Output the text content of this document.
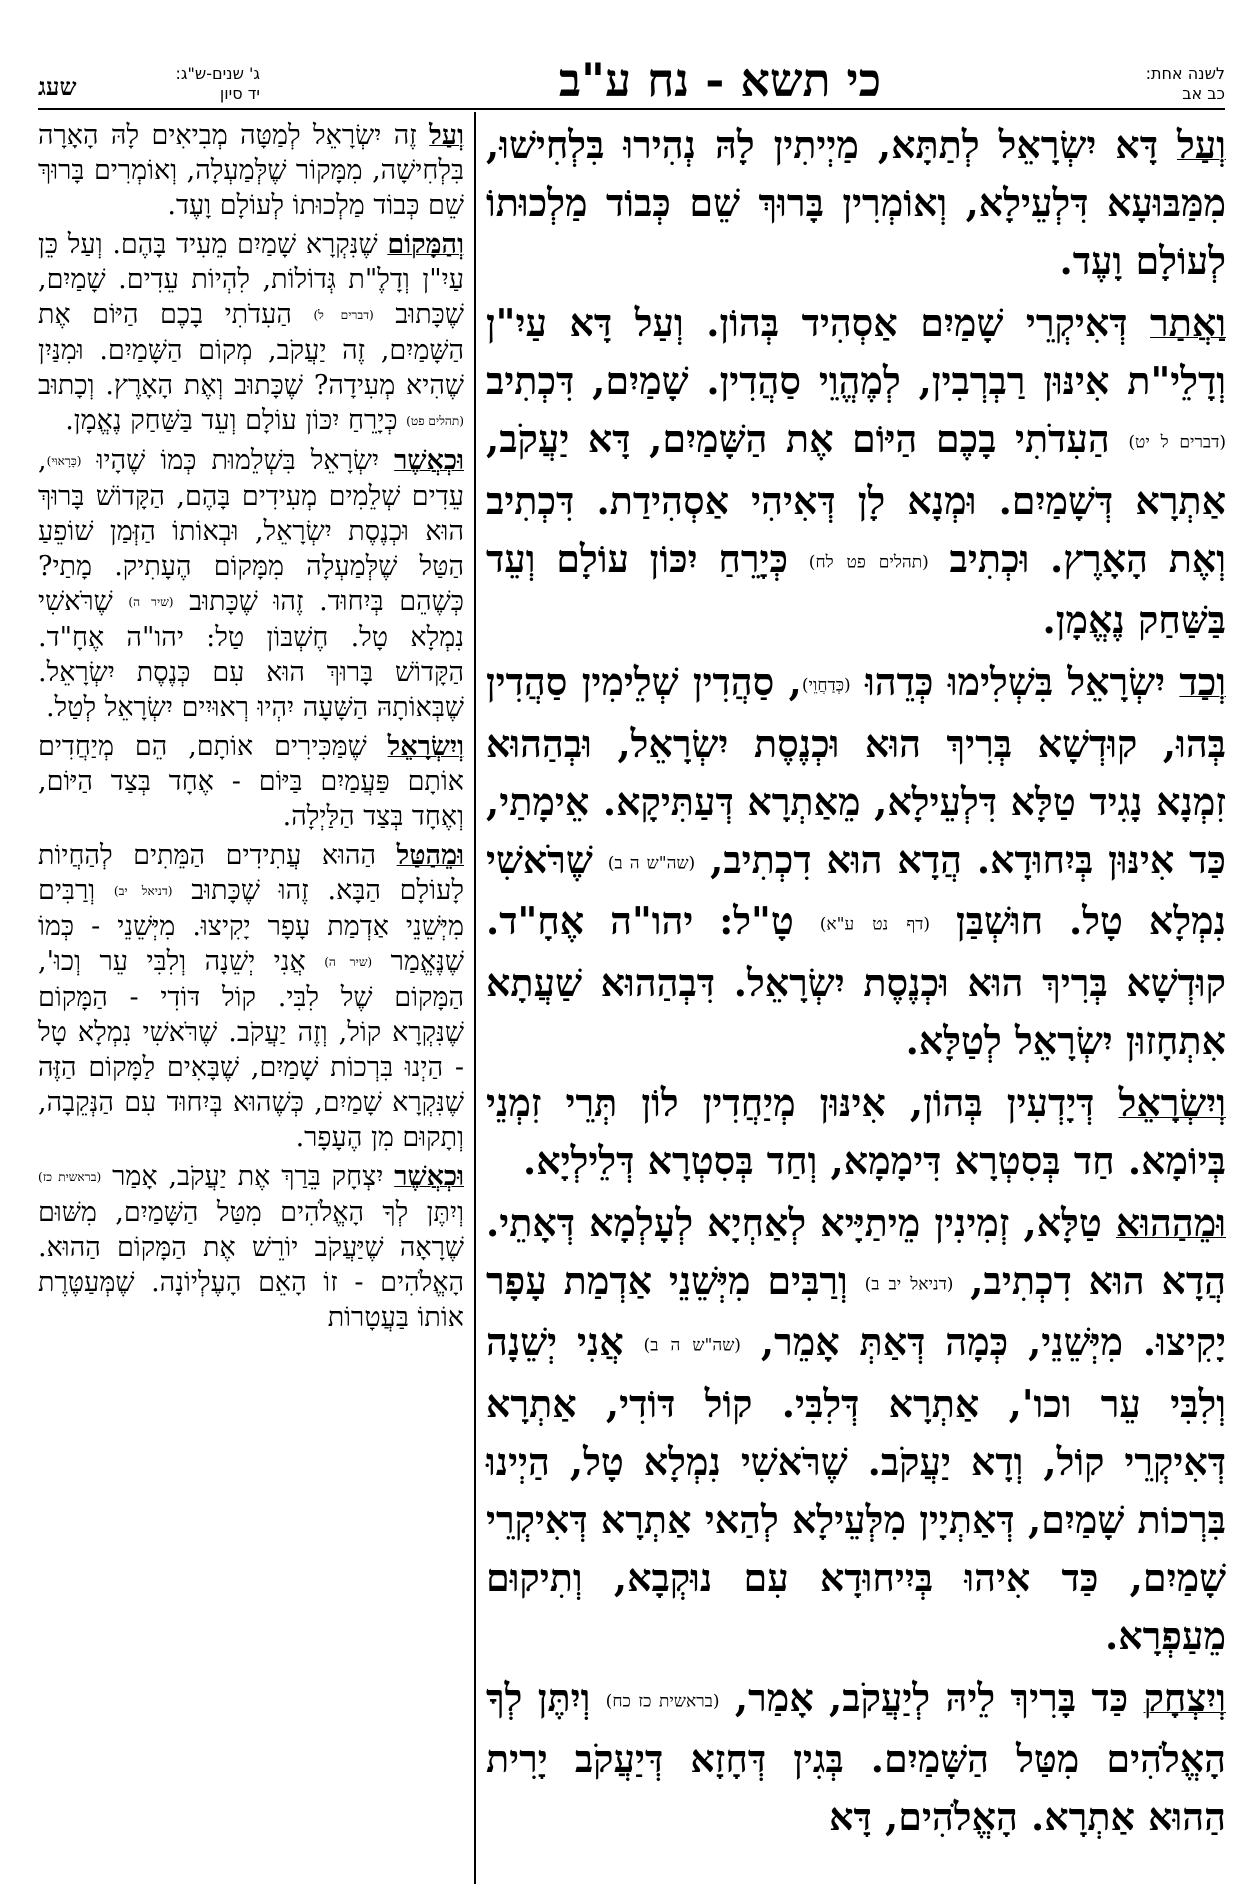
לשנה אחת:
כב אב
כי תשא - נח ע"ב
ג' שנים-ש"ג:
יד סיון
שעג

וְעַל דָּא יִשְׂרָאֵל לְתַתָּא, מַיְיתִין לָהּ נְהִירוּ בִּלְחִישׁוּ, מִמַּבּוּעָא דִּלְעֵילָא, וְאוֹמְרִין בָּרוּךְ שֵׁם כְּבוֹד מַלְכוּתוֹ לְעוֹלָם וָעֶד.

וַאֲתַר דְּאִיקְרֵי שָׁמַיִם אַסְהִיד בְּהוֹן. וְעַל דָּא עַיִ"ן וְדָלֵי"ת אִינּוּן רַבְרְבִין, לְמֶהֱוֵי סַהֲדִין. שָׁמַיִם, דִּכְתִיב (דברים ל יט) הַעִדֹתִי בָכֶם הַיּוֹם אֶת הַשָּׁמַיִם, דָּא יַעֲקֹב, אַתְרָא דְּשָׁמַיִם. וּמְנָא לָן דְּאִיהִי אַסְהִידַת. דִּכְתִיב וְאֶת הָאָרֶץ. וּכְתִיב (תהלים פט לח) כְּיָרֵחַ יִכּוֹן עוֹלָם וְעֵד בַּשַּׁחַק נֶאֱמָן.

וְכַד יִשְׂרָאֵל בִּשְׁלִימוּ כְּדֵהוּ (כְּדַחֲוֵי), סַהֲדִין שְׁלֵימִין סַהֲדִין בְּהוּ, קוּדְשָׁא בְּרִיךְ הוּא וּכְנֶסֶת יִשְׂרָאֵל, וּבְהַהוּא זִמְנָא נָגִיד טַלָּא דִּלְעֵילָא, מֵאַתְרָא דְּעַתִּיקָא. אֵימָתַי, כַּד אִינּוּן בְּיִחוּדָא. הֲדָא הוּא דִכְתִיב, (שה"ש ה ב) שֶׁרֹּאשִׁי נִמְלָא טָל. חוּשְׁבַּן (דף נט ע"א) טָ"ל: יהו"ה אֶחָ"ד. קוּדְשָׁא בְּרִיךְ הוּא וּכְנֶסֶת יִשְׂרָאֵל. דִּבְהַהוּא שַׁעֲתָא אִתְחָזוּן יִשְׂרָאֵל לְטַלָּא.

וְיִשְׂרָאֵל דְּיָדְעִין בְּהוֹן, אִינּוּן מְיַחֲדִין לוֹן תְּרֵי זִמְנֵי בְּיוֹמָא. חַד בְּסִטְרָא דִּימָמָא, וְחַד בְּסִטְרָא דְּלֵילְיָא.

וּמֵהַהוּא טַלָּא, זְמִינִין מֵיתַיָּיא לְאַחְיָא לְעָלְמָא דְּאָתֵי. הֲדָא הוּא דִכְתִיב, (דניאל יב ב) וְרַבִּים מִיְּשֵׁנֵי אַדְמַת עָפָר יָקִיצוּ. מִיְּשֵׁנֵי, כְּמָה דְּאַתְּ אָמֵר, (שה"ש ה ב) אֲנִי יְשֵׁנָה וְלִבִּי עֵר וכו', אַתְרָא דְּלִבִּי. קוֹל דּוֹדִי, אַתְרָא דְּאִיקְרֵי קוֹל, וְדָא יַעֲקֹב. שֶׁרֹּאשִׁי נִמְלָא טָל, הַיְינוּ בִּרְכוֹת שָׁמַיִם, דְּאַתְיָין מִלְּעֵילָא לְהַאי אַתְרָא דְּאִיקְרֵי שָׁמַיִם, כַּד אִיהוּ בְּיִיחוּדָא עִם נוּקְבָא, וְתִיקוּם מֵעַפְרָא.

וְיִצְחָק כַּד בָּרִיךְ לֵיהּ לְיַעֲקֹב, אָמַר, (בראשית כז כח) וְיִתֶּן לְךָ הָאֱלֹהִים מִטַּל הַשָּׁמַיִם. בְּגִין דְּחָזָא דְּיַעֲקֹב יָרִית הַהוּא אַתְרָא. הָאֱלֹהִים, דָּא

וְעַל זֶה יִשְׂרָאֵל לְמַטָּה מְבִיאִים לָהּ הָאָרָה בִּלְחִישָׁה, מִמָּקוֹר שֶׁלְּמַעְלָה, וְאוֹמְרִים בָּרוּךְ שֵׁם כְּבוֹד מַלְכוּתוֹ לְעוֹלָם וָעֶד.

וְהַמָּקוֹם שֶׁנִּקְרָא שָׁמַיִם מֵעִיד בָּהֶם. וְעַל כֵּן עַיִ"ן וְדָלֶ"ת גְּדוֹלוֹת, לִהְיוֹת עֵדִים. שָׁמַיִם, שֶׁכָּתוּב (דברים ל) הַעִדֹתִי בָכֶם הַיּוֹם אֶת הַשָּׁמַיִם, זֶה יַעֲקֹב, מְקוֹם הַשָּׁמַיִם. וּמִנַּיִן שֶׁהִיא מְעִידָה? שֶׁכָּתוּב וְאֶת הָאָרֶץ. וְכָתוּב (תהלים פט) כְּיָרֵחַ יִכּוֹן עוֹלָם וְעֵד בַּשַּׁחַק נֶאֱמָן.

וּכְאֲשֶׁר יִשְׂרָאֵל בִּשְׁלֵמוּת כְּמוֹ שֶׁהָיוּ (כָּרָאוּי), עֵדִים שְׁלֵמִים מְעִידִים בָּהֶם, הַקָּדוֹשׁ בָּרוּךְ הוּא וּכְנֶסֶת יִשְׂרָאֵל, וּבְאוֹתוֹ הַזְּמַן שׁוֹפֵעַ הַטַּל שֶׁלְּמַעְלָה מִמָּקוֹם הֶעָתִיק. מָתַי? כְּשֶׁהֵם בְּיִחוּד. זֶהוּ שֶׁכָּתוּב (שיר ה) שֶׁרֹּאשִׁי נִמְלָא טָל. חֶשְׁבּוֹן טַל: יהו"ה אֶחָ"ד. הַקָּדוֹשׁ בָּרוּךְ הוּא עִם כְּנֶסֶת יִשְׂרָאֵל. שֶׁבְּאוֹתָהּ הַשָּׁעָה יִהְיוּ רְאוּיִים יִשְׂרָאֵל לְטַל.

וְיִשְׂרָאֵל שֶׁמַּכִּירִים אוֹתָם, הֵם מְיַחֲדִים אוֹתָם פַּעֲמַיִם בַּיּוֹם - אֶחָד בְּצַד הַיּוֹם, וְאֶחָד בְּצַד הַלַּיְלָה.

וּמֵהַטַּל הַהוּא עֲתִידִים הַמֵּתִים לְהַחֲיוֹת לָעוֹלָם הַבָּא. זֶהוּ שֶׁכָּתוּב (דניאל יב) וְרַבִּים מִיְּשֵׁנֵי אַדְמַת עָפָר יָקִיצוּ. מִיְּשֵׁנֵי - כְּמוֹ שֶׁנֶּאֱמַר (שיר ה) אֲנִי יְשֵׁנָה וְלִבִּי עֵר וְכוּ', הַמָּקוֹם שֶׁל לִבִּי. קוֹל דּוֹדִי - הַמָּקוֹם שֶׁנִּקְרָא קוֹל, וְזֶה יַעֲקֹב. שֶׁרֹּאשִׁי נִמְלָא טָל - הַיְנוּ בִּרְכוֹת שָׁמַיִם, שֶׁבָּאִים לַמָּקוֹם הַזֶּה שֶׁנִּקְרָא שָׁמַיִם, כְּשֶׁהוּא בְּיִחוּד עִם הַנְּקֵבָה, וְתָקוּם מִן הֶעָפָר.

וּכְאֲשֶׁר יִצְחָק בֵּרַךְ אֶת יַעֲקֹב, אָמַר (בראשית כז) וְיִתֶּן לְךָ הָאֱלֹהִים מִטַּל הַשָּׁמַיִם, מִשּׁוּם שֶׁרָאָה שֶׁיַּעֲקֹב יוֹרֵשׁ אֶת הַמָּקוֹם הַהוּא. הָאֱלֹהִים - זוֹ הָאֵם הָעֶלְיוֹנָה. שֶׁמְּעַטֶּרֶת אוֹתוֹ בַּעֲטָרוֹת
